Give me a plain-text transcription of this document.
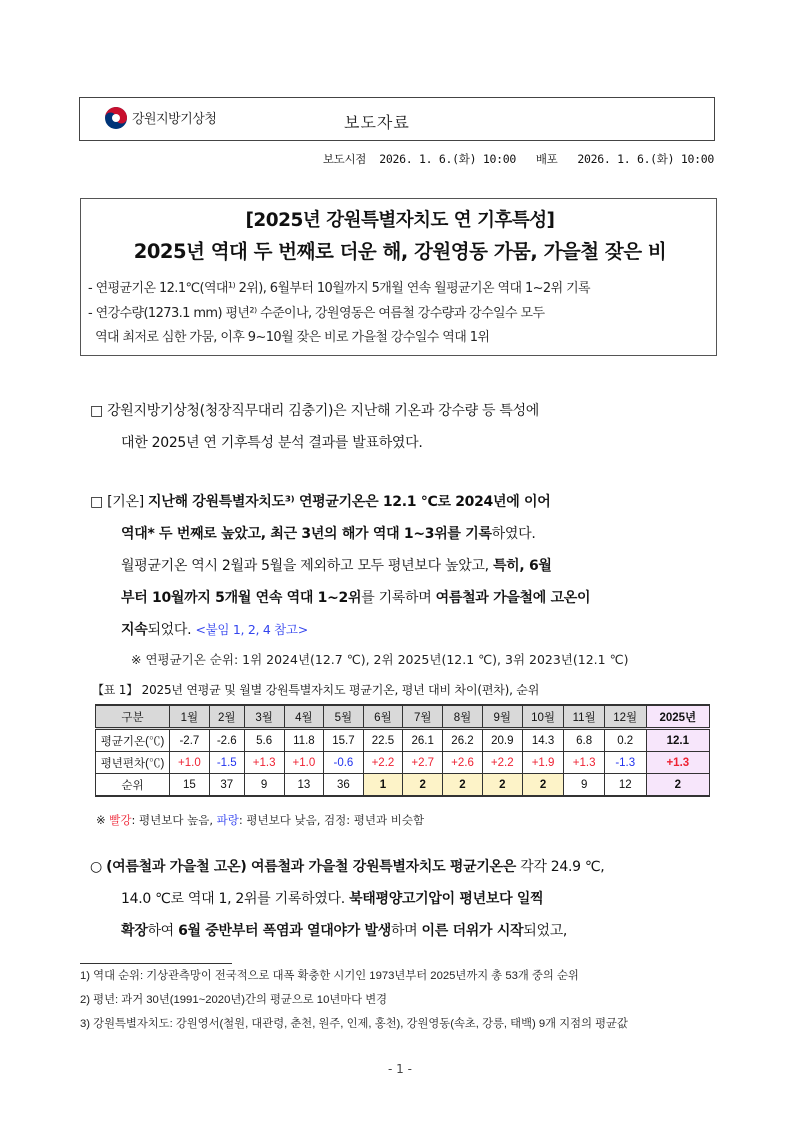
강원지방기상청	보도자료
보도시점  2026. 1. 6.(화) 10:00   배포   2026. 1. 6.(화) 10:00
[2025년 강원특별자치도 연 기후특성]
2025년 역대 두 번째로 더운 해, 강원영동 가뭄, 가을철 잦은 비
- 연평균기온 12.1℃(역대¹⁾ 2위), 6월부터 10월까지 5개월 연속 월평균기온 역대 1~2위 기록
- 연강수량(1273.1 mm) 평년²⁾ 수준이나, 강원영동은 여름철 강수량과 강수일수 모두
역대 최저로 심한 가뭄, 이후 9~10월 잦은 비로 가을철 강수일수 역대 1위
□ 강원지방기상청(청장직무대리 김충기)은 지난해 기온과 강수량 등 특성에
대한 2025년 연 기후특성 분석 결과를 발표하였다.
□ [기온] 지난해 강원특별자치도³⁾ 연평균기온은 12.1 ℃로 2024년에 이어
역대* 두 번째로 높았고, 최근 3년의 해가 역대 1~3위를 기록하였다.
월평균기온 역시 2월과 5월을 제외하고 모두 평년보다 높았고, 특히, 6월
부터 10월까지 5개월 연속 역대 1~2위를 기록하며 여름철과 가을철에 고온이
지속되었다. <붙임 1, 2, 4 참고>
※ 연평균기온 순위: 1위 2024년(12.7 ℃), 2위 2025년(12.1 ℃), 3위 2023년(12.1 ℃)
【표 1】 2025년 연평균 및 월별 강원특별자치도 평균기온, 평년 대비 차이(편차), 순위
구분	1월	2월	3월	4월	5월	6월	7월	8월	9월	10월	11월	12월	2025년
평균기온(℃)	-2.7	-2.6	5.6	11.8	15.7	22.5	26.1	26.2	20.9	14.3	6.8	0.2	12.1
평년편차(℃)	+1.0	-1.5	+1.3	+1.0	-0.6	+2.2	+2.7	+2.6	+2.2	+1.9	+1.3	-1.3	+1.3
순위	15	37	9	13	36	1	2	2	2	2	9	12	2
※ 빨강: 평년보다 높음, 파랑: 평년보다 낮음, 검정: 평년과 비슷함
○ (여름철과 가을철 고온) 여름철과 가을철 강원특별자치도 평균기온은 각각 24.9 ℃,
14.0 ℃로 역대 1, 2위를 기록하였다. 북태평양고기압이 평년보다 일찍
확장하여 6월 중반부터 폭염과 열대야가 발생하며 이른 더위가 시작되었고,
1) 역대 순위: 기상관측망이 전국적으로 대폭 확충한 시기인 1973년부터 2025년까지 총 53개 중의 순위
2) 평년: 과거 30년(1991~2020년)간의 평균으로 10년마다 변경
3) 강원특별자치도: 강원영서(철원, 대관령, 춘천, 원주, 인제, 홍천), 강원영동(속초, 강릉, 태백) 9개 지점의 평균값
- 1 -
